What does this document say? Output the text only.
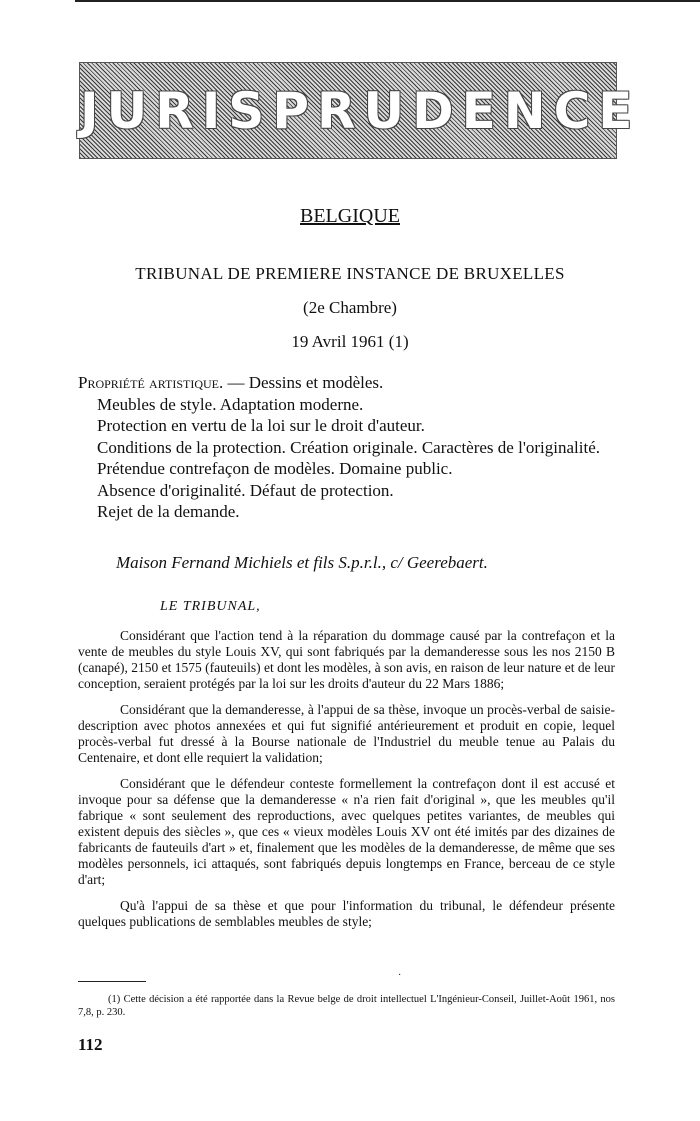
JURISPRUDENCE
BELGIQUE
TRIBUNAL DE PREMIERE INSTANCE DE BRUXELLES
(2e Chambre)
19 Avril 1961 (1)

Propriété artistique. — Dessins et modèles.

Meubles de style. Adaptation moderne.

Protection en vertu de la loi sur le droit d'auteur.

Conditions de la protection. Création originale. Caractères de l'originalité.

Prétendue contrefaçon de modèles. Domaine public.

Absence d'originalité. Défaut de protection.

Rejet de la demande.

Maison Fernand Michiels et fils S.p.r.l., c/ Geerebaert.
LE TRIBUNAL,

Considérant que l'action tend à la réparation du dommage causé par la contrefaçon et la vente de meubles du style Louis XV, qui sont fabriqués par la demanderesse sous les nos 2150 B (canapé), 2150 et 1575 (fauteuils) et dont les modèles, à son avis, en raison de leur nature et de leur conception, seraient protégés par la loi sur les droits d'auteur du 22 Mars 1886;

Considérant que la demanderesse, à l'appui de sa thèse, invoque un procès-verbal de saisie-description avec photos annexées et qui fut signifié antérieurement et produit en copie, lequel procès-verbal fut dressé à la Bourse nationale de l'Industriel du meuble tenue au Palais du Centenaire, et dont elle requiert la validation;

Considérant que le défendeur conteste formellement la contrefaçon dont il est accusé et invoque pour sa défense que la demanderesse « n'a rien fait d'original », que les meubles qu'il fabrique « sont seulement des reproductions, avec quelques petites variantes, de meubles qui existent depuis des siècles », que ces « vieux modèles Louis XV ont été imités par des dizaines de fabricants de fauteuils d'art » et, finalement que les modèles de la demanderesse, de même que ses modèles personnels, ici attaqués, sont fabriqués depuis longtemps en France, berceau de ce style d'art;

Qu'à l'appui de sa thèse et que pour l'information du tribunal, le défendeur présente quelques publications de semblables meubles de style;

·
(1) Cette décision a été rapportée dans la Revue belge de droit intellectuel L'Ingénieur-Conseil, Juillet-Août 1961, nos 7,8, p. 230.
112
